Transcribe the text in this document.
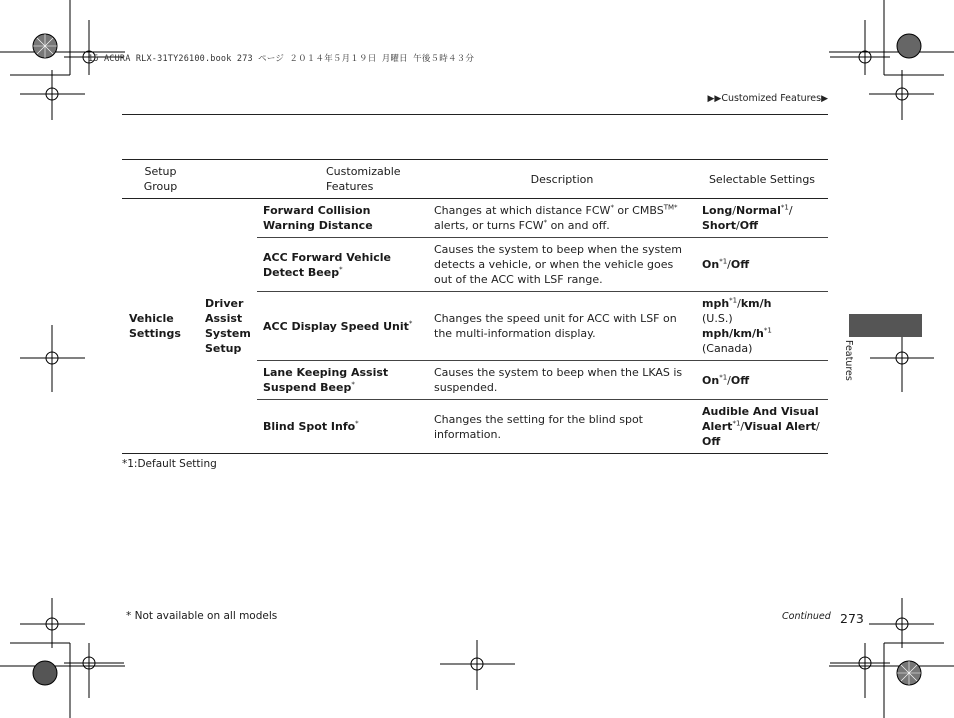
15 ACURA RLX-31TY26100.book 273 ページ ２０１４年５月１９日 月曜日 午後５時４３分
▶▶Customized Features▶
Setup Group	Customizable Features		Description	Selectable Settings
Vehicle Settings	Driver Assist System Setup	Forward Collision Warning Distance	Changes at which distance FCW* or $CMBS^{TM*}$ alerts, or turns FCW* on and off.	Long/Normal$^{*1}$/
Short/Off
		ACC Forward Vehicle Detect Beep*	Causes the system to beep when the system detects a vehicle, or when the vehicle goes out of the ACC with LSF range.	On$^{*1}$/Off
		ACC Display Speed Unit*	Changes the speed unit for ACC with LSF on the multi-information display.	mph$^{*1}$/km/h
(U.S.)
mph/$km/h^{*1}$
(Canada)
		Lane Keeping Assist Suspend Beep*	Causes the system to beep when the LKAS is suspended.	On$^{*1}$/Off
		Blind Spot Info*	Changes the setting for the blind spot information.	Audible And Visual Alert$^{*1}$/Visual Alert/
Off
*1:Default Setting
* Not available on all models	Continued 273
Features
